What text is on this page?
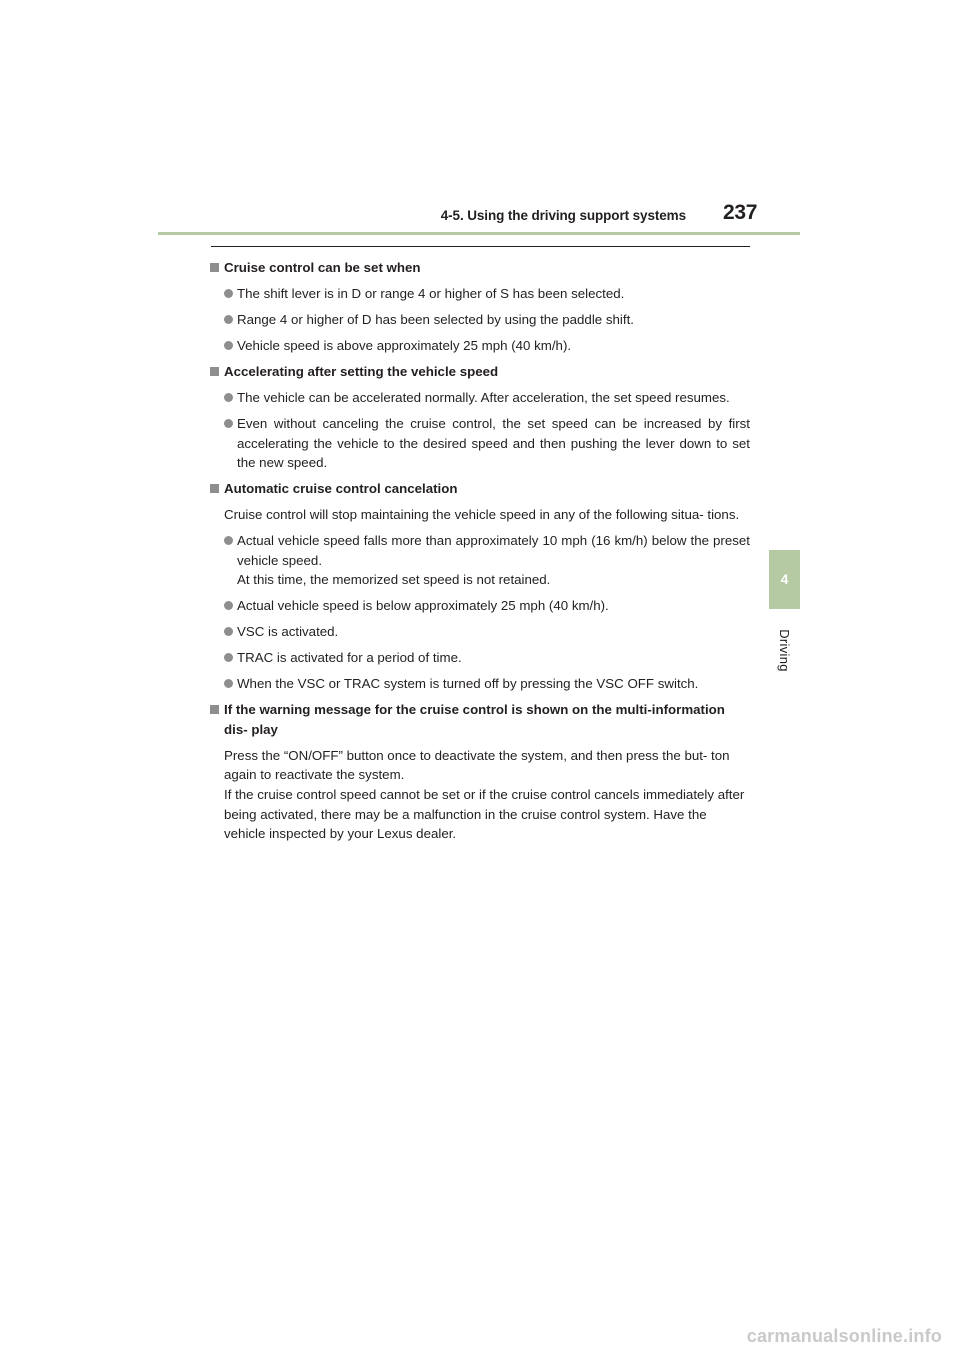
4-5. Using the driving support systems 237
4
Driving
Cruise control can be set when
The shift lever is in D or range 4 or higher of S has been selected.
Range 4 or higher of D has been selected by using the paddle shift.
Vehicle speed is above approximately 25 mph (40 km/h).
Accelerating after setting the vehicle speed
The vehicle can be accelerated normally. After acceleration, the set speed resumes.
Even without canceling the cruise control, the set speed can be increased by first accelerating the vehicle to the desired speed and then pushing the lever down to set the new speed.
Automatic cruise control cancelation
Cruise control will stop maintaining the vehicle speed in any of the following situa- tions.
Actual vehicle speed falls more than approximately 10 mph (16 km/h) below the preset vehicle speed.
At this time, the memorized set speed is not retained.
Actual vehicle speed is below approximately 25 mph (40 km/h).
VSC is activated.
TRAC is activated for a period of time.
When the VSC or TRAC system is turned off by pressing the VSC OFF switch.
If the warning message for the cruise control is shown on the multi-information dis- play
Press the “ON/OFF” button once to deactivate the system, and then press the but- ton again to reactivate the system.
If the cruise control speed cannot be set or if the cruise control cancels immediately after being activated, there may be a malfunction in the cruise control system. Have the vehicle inspected by your Lexus dealer.
carmanualsonline.info
